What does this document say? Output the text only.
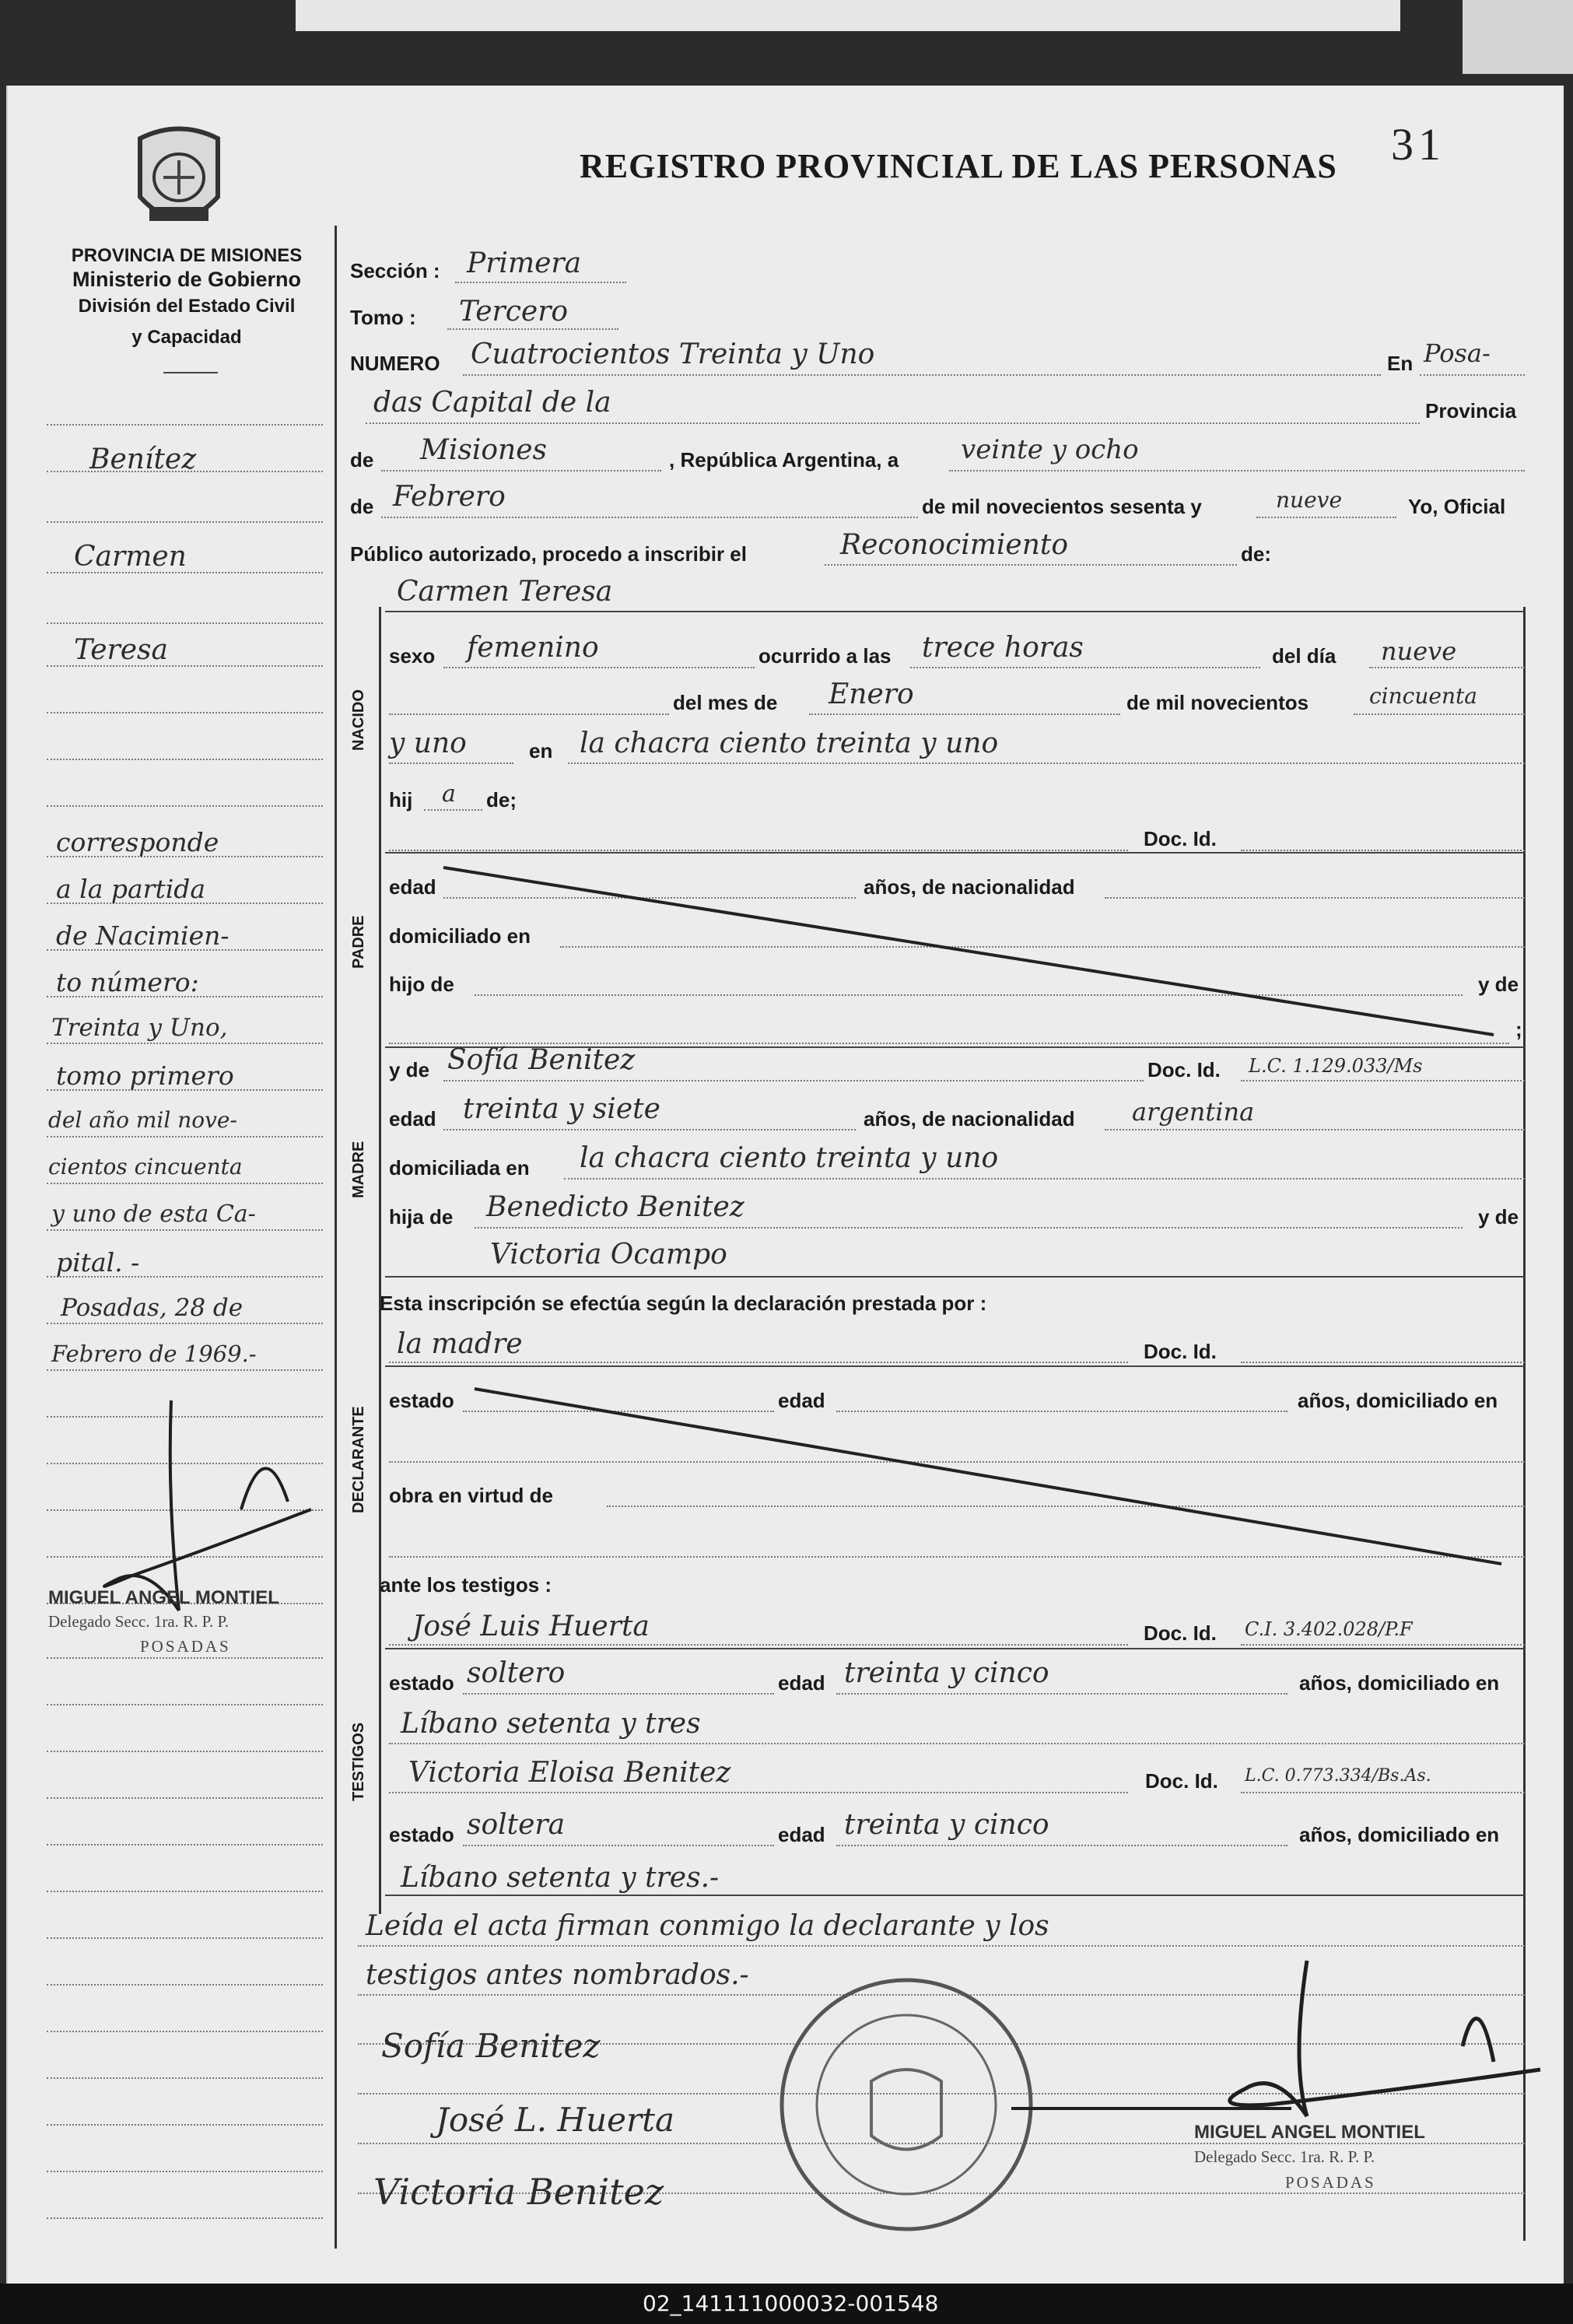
REGISTRO PROVINCIAL DE LAS PERSONAS 31
PROVINCIA DE MISIONES
Ministerio de Gobierno
División del Estado Civil
y Capacidad
Benítez
Carmen
Teresa
corresponde
a la partida
de Nacimien-
to número:
Treinta y Uno,
tomo primero
del año mil nove-
cientos cincuenta
y uno de esta Ca-
pital. -
Posadas, 28 de
Febrero de 1969.-
MIGUEL ANGEL MONTIEL
Delegado Secc. 1ra. R. P. P.
POSADAS
Sección : Primera
Tomo : Tercero
NUMERO Cuatrocientos Treinta y Uno	En Posa-
das Capital de la	Provincia
de Misiones	, República Argentina, a veinte y ocho
de Febrero	de mil novecientos sesenta y	nueve	Yo, Oficial
Público autorizado, procedo a inscribir el	Reconocimiento	de:
Carmen Teresa
NACIDO
sexo femenino	ocurrido a las trece horas	del día nueve
del mes de Enero	de mil novecientos	cincuenta
y uno	en la chacra ciento treinta y uno
hij a de;
PADRE
Doc. Id.
edad	años, de nacionalidad
domiciliado en
hijo de	y de
;
MADRE
y de Sofía Benitez	Doc. Id. L.C. 1.129.033/Ms
edad treinta y siete	años, de nacionalidad argentina
domiciliada en la chacra ciento treinta y uno
hija de Benedicto Benitez	y de
Victoria Ocampo
Esta inscripción se efectúa según la declaración prestada por :
DECLARANTE
la madre	Doc. Id.
estado	edad	años, domiciliado en
obra en virtud de
ante los testigos :
TESTIGOS
José Luis Huerta	Doc. Id. C.I. 3.402.028/P.F
estado soltero	edad treinta y cinco	años, domiciliado en
Líbano setenta y tres
Victoria Eloisa Benitez	Doc. Id. L.C. 0.773.334/Bs.As.
estado soltera	edad treinta y cinco	años, domiciliado en
Líbano setenta y tres.-
Leída el acta firman conmigo la declarante y los
testigos antes nombrados.-
Sofía Benitez
José L. Huerta
Victoria Benitez
MIGUEL ANGEL MONTIEL
Delegado Secc. 1ra. R. P. P.
POSADAS
02_141111000032-001548
